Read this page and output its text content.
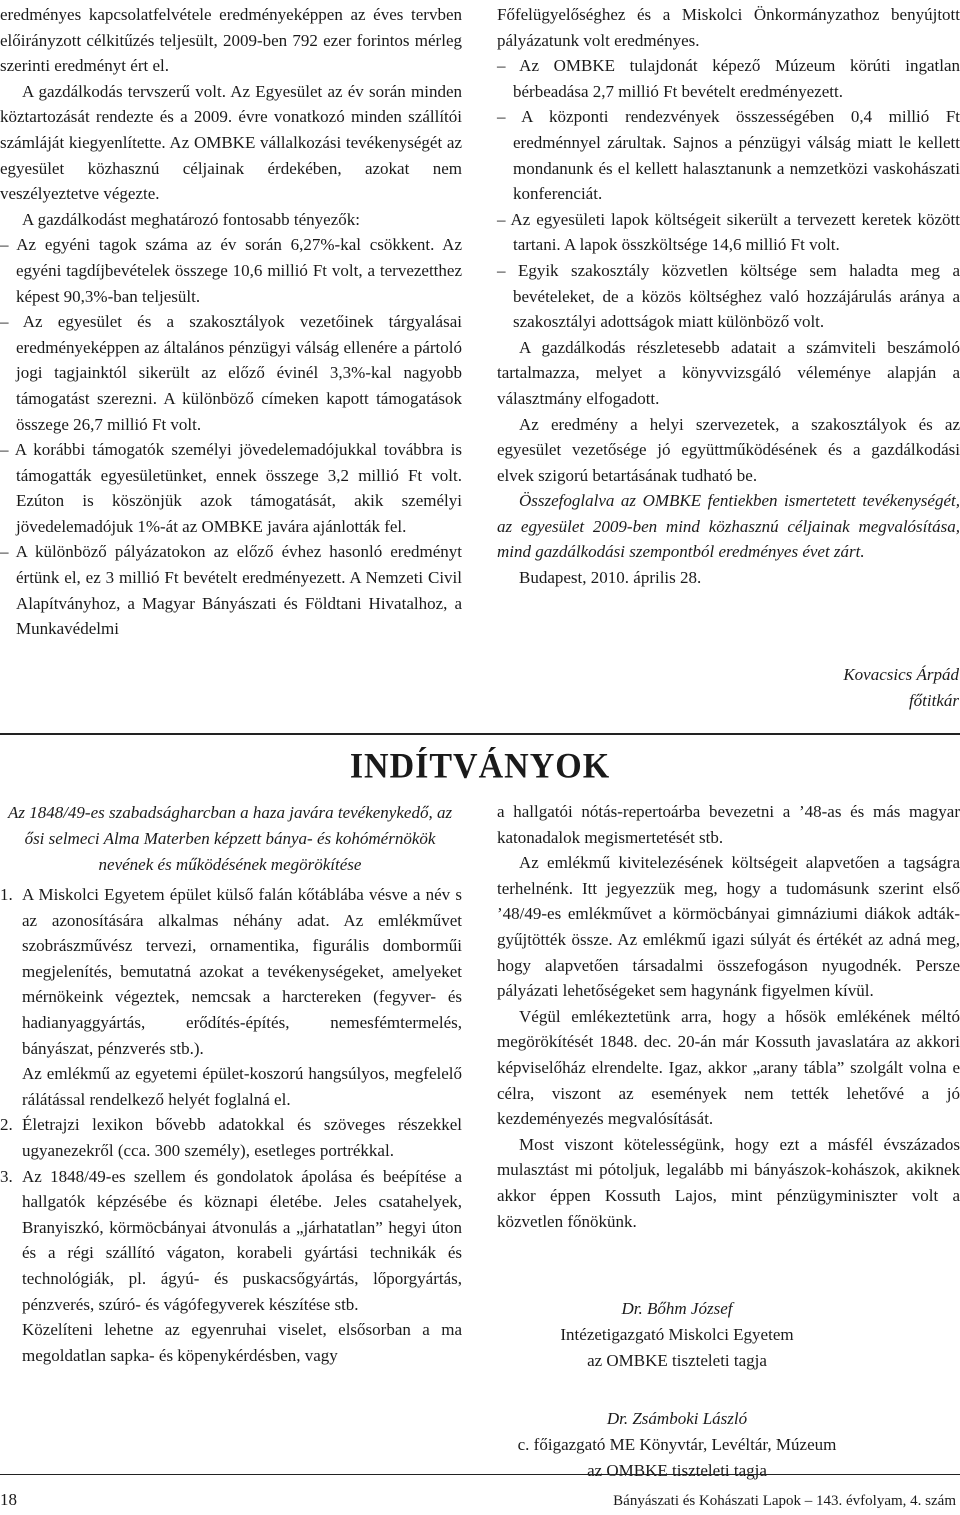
eredményes kapcsolatfelvétele eredményeképpen az éves tervben előirányzott célkitűzés teljesült, 2009-ben 792 ezer forintos mérleg szerinti eredményt ért el.

A gazdálkodás tervszerű volt. Az Egyesület az év során minden köztartozását rendezte és a 2009. évre vonatkozó minden szállítói számláját kiegyenlítette. Az OMBKE vállalkozási tevékenységét az egyesület közhasznú céljainak érdekében, azokat nem veszélyeztetve végezte.

A gazdálkodást meghatározó fontosabb tényezők:

– Az egyéni tagok száma az év során 6,27%-kal csökkent. Az egyéni tagdíjbevételek összege 10,6 millió Ft volt, a tervezetthez képest 90,3%-ban teljesült.

– Az egyesület és a szakosztályok vezetőinek tárgyalásai eredményeképpen az általános pénzügyi válság ellenére a pártoló jogi tagjainktól sikerült az előző évinél 3,3%-kal nagyobb támogatást szerezni. A különböző címeken kapott támogatások összege 26,7 millió Ft volt.

– A korábbi támogatók személyi jövedelemadójukkal továbbra is támogatták egyesületünket, ennek összege 3,2 millió Ft volt. Ezúton is köszönjük azok támogatását, akik személyi jövedelemadójuk 1%-át az OMBKE javára ajánlották fel.

– A különböző pályázatokon az előző évhez hasonló eredményt értünk el, ez 3 millió Ft bevételt eredményezett. A Nemzeti Civil Alapítványhoz, a Magyar Bányászati és Földtani Hivatalhoz, a Munkavédelmi

Főfelügyelőséghez és a Miskolci Önkormányzathoz benyújtott pályázatunk volt eredményes.

– Az OMBKE tulajdonát képező Múzeum körúti ingatlan bérbeadása 2,7 millió Ft bevételt eredményezett.

– A központi rendezvények összességében 0,4 millió Ft eredménnyel zárultak. Sajnos a pénzügyi válság miatt le kellett mondanunk és el kellett halasztanunk a nemzetközi vaskohászati konferenciát.

– Az egyesületi lapok költségeit sikerült a tervezett keretek között tartani. A lapok összköltsége 14,6 millió Ft volt.

– Egyik szakosztály közvetlen költsége sem haladta meg a bevételeket, de a közös költséghez való hozzájárulás aránya a szakosztályi adottságok miatt különböző volt.

A gazdálkodás részletesebb adatait a számviteli beszámoló tartalmazza, melyet a könyvvizsgáló véleménye alapján a választmány elfogadott.

Az eredmény a helyi szervezetek, a szakosztályok és az egyesület vezetősége jó együttműködésének és a gazdálkodási elvek szigorú betartásának tudható be.

Összefoglalva az OMBKE fentiekben ismertetett tevékenységét, az egyesület 2009-ben mind közhasznú céljainak megvalósítása, mind gazdálkodási szempontból eredményes évet zárt.

Budapest, 2010. április 28.

Kovacsics Árpád
főtitkár
INDÍTVÁNYOK
Az 1848/49-es szabadságharcban a haza javára tevékenykedő, az ősi selmeci Alma Materben képzett bánya- és kohómérnökök nevének és működésének megörökítése
1. A Miskolci Egyetem épület külső falán kőtáblába vésve a név s az azonosítására alkalmas néhány adat. Az emlékművet szobrászművész tervezi, ornamentika, figurális domborműi megjelenítés, bemutatná azokat a tevékenységeket, amelyeket mérnökeink végeztek, nemcsak a harctereken (fegyver- és hadianyaggyártás, erődítés-építés, nemesfémtermelés, bányászat, pénzverés stb.).
Az emlékmű az egyetemi épület-koszorú hangsúlyos, megfelelő rálátással rendelkező helyét foglalná el.
2. Életrajzi lexikon bővebb adatokkal és szöveges részekkel ugyanezekről (cca. 300 személy), esetleges portrékkal.
3. Az 1848/49-es szellem és gondolatok ápolása és beépítése a hallgatók képzésébe és köznapi életébe. Jeles csatahelyek, Branyiszkó, körmöcbányai átvonulás a „járhatatlan” hegyi úton és a régi szállító vágaton, korabeli gyártási technikák és technológiák, pl. ágyú- és puskacsőgyártás, lőporgyártás, pénzverés, szúró- és vágófegyverek készítése stb.
Közelíteni lehetne az egyenruhai viselet, elsősorban a ma megoldatlan sapka- és köpenykérdésben, vagy

a hallgatói nótás-repertoárba bevezetni a ’48-as és más magyar katonadalok megismertetését stb.

Az emlékmű kivitelezésének költségeit alapvetően a tagságra terhelnénk. Itt jegyezzük meg, hogy a tudomásunk szerint első ’48/49-es emlékművet a körmöcbányai gimnáziumi diákok adták-gyűjtötték össze. Az emlékmű igazi súlyát és értékét az adná meg, hogy alapvetően társadalmi összefogáson nyugodnék. Persze pályázati lehetőségeket sem hagynánk figyelmen kívül.

Végül emlékeztetünk arra, hogy a hősök emlékének méltó megörökítését 1848. dec. 20-án már Kossuth javaslatára az akkori képviselőház elrendelte. Igaz, akkor „arany tábla” szolgált volna e célra, viszont az események nem tették lehetővé a jó kezdeményezés megvalósítását.

Most viszont kötelességünk, hogy ezt a másfél évszázados mulasztást mi pótoljuk, legalább mi bányászok-kohászok, akiknek akkor éppen Kossuth Lajos, mint pénzügyminiszter volt a közvetlen főnökünk.

Dr. Bőhm József
Intézetigazgató Miskolci Egyetem
az OMBKE tiszteleti tagja
Dr. Zsámboki László
c. főigazgató ME Könyvtár, Levéltár, Múzeum
az OMBKE tiszteleti tagja
18	Bányászati és Kohászati Lapok – 143. évfolyam, 4. szám
